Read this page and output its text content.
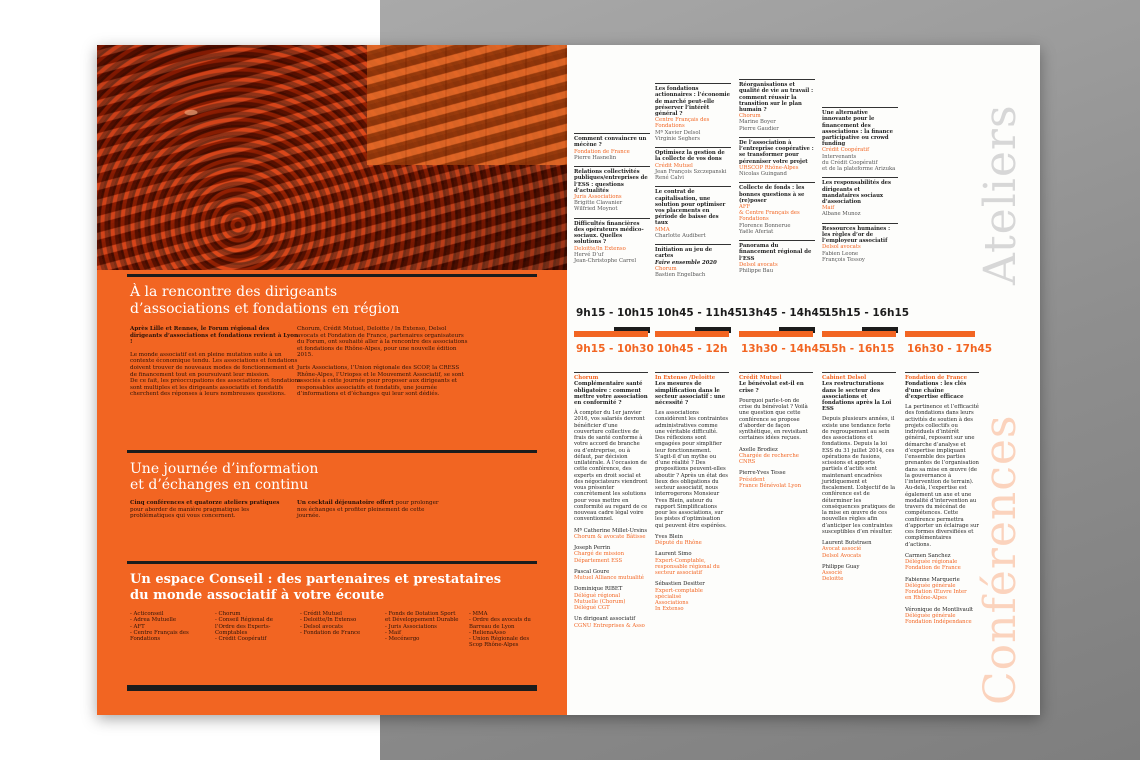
À la rencontre des dirigeants
d’associations et fondations en région
Après Lille et Rennes, le Forum régional des dirigeants d’associations et fondations revient à Lyon !
Le monde associatif est en pleine mutation suite à un contexte économique tendu. Les associations et fondations doivent trouver de nouveaux modes de fonctionnement et de financement tout en poursuivant leur mission.
De ce fait, les préoccupations des associations et fondations sont multiples et les dirigeants associatifs et fondatifs cherchent des réponses à leurs nombreuses questions.
Chorum, Crédit Mutuel, Deloitte / In Extenso, Delsol avocats et Fondation de France, partenaires organisateurs du Forum, ont souhaité aller à la rencontre des associations et fondations de Rhône-Alpes, pour une nouvelle édition 2015.
Juris Associations, l’Union régionale des SCOP, la CRESS Rhône-Alpes, l’Uriopss et le Mouvement Associatif, se sont associés à cette journée pour proposer aux dirigeants et responsables associatifs et fondatifs, une journée d’informations et d’échanges qui leur sont dédiés.
Une journée d’information
et d’échanges en continu
Cinq conférences et quatorze ateliers pratiques pour aborder de manière pragmatique les problématiques qui vous concernent.
Un cocktail déjeunatoire offert pour prolonger nos échanges et profiter pleinement de cette journée.
Un espace Conseil : des partenaires et prestataires
du monde associatif à votre écoute
- Acticonseil
- Adrea Mutuelle
- AFT
- Centre Français des
Fondations
- Chorum
- Conseil Régional de
l’Ordre des Experts-
Comptables
- Crédit Coopératif
- Crédit Mutuel
- Deloitte/In Extenso
- Delsol avocats
- Fondation de France
- Fonds de Dotation Sport
et Développement Durable
- Juris Associations
- Maif
- Mecénergo
- MMA
- Ordre des avocats du
Barreau de Lyon
- RelienaAsso
- Union Régionale des
Scop Rhône-Alpes
Ateliers
Conférences
Comment convaincre un mécène ?
Fondation de France
Pierre Hasnelin
Relations collectivités publiques/entreprises de l’ESS : questions d’actualités
Juris Associations
Brigitte Clavanier
Wilfried Moynot
Difficultés financières des opérateurs médico-sociaux. Quelles solutions ?
Deloitte/In Extenso
Hervé D’uf
Jean-Christophe Carrel
Les fondations actionnaires : l’économie de marché peut-elle préserver l’intérêt général ?
Centre Français des Fondations
Mª Xavier Delsol
Virginie Seghers
Optimisez la gestion de la collecte de vos dons
Crédit Mutuel
Jean François Szczepanski
René Calvi
Le contrat de capitalisation, une solution pour optimiser vos placements en période de baisse des taux
MMA
Charlotte Audibert
Initiation au jeu de cartes
Faire ensemble 2020
Chorum
Bastien Engelbach
Réorganisations et qualité de vie au travail : comment réussir la transition sur le plan humain ?
Chorum
Marine Boyer
Pierre Gaudier
De l’association à l’entreprise coopérative : se transformer pour pérenniser votre projet
URSCOP Rhône-Alpes
Nicolas Guingand
Collecte de fonds : les bonnes questions à se (re)poser
AFF
& Centre Français des Fondations
Florence Bonnerue
Yaële Aferiat
Panorama du financement régional de l’ESS
Delsol avocats
Philippe Bau
Une alternative innovante pour le financement des associations : la finance participative ou crowd funding
Crédit Coopératif
Intervenants
du Crédit Coopératif
et de la plateforme Arizuka
Les responsabilités des dirigeants et mandataires sociaux d’association
Maif
Albane Munoz
Ressources humaines : les règles d’or de l’employeur associatif
Delsol avocats
Fabien Leone
François Tessoy
9h15 - 10h15 10h45 - 11h45
13h45 - 14h45
15h15 - 16h15
9h15 - 10h30 10h45 - 12h 13h30 - 14h45
15h - 16h15 16h30 - 17h45
Chorum
Complémentaire santé obligatoire : comment mettre votre association en conformité ?
À compter du 1er janvier 2016, vos salariés devront bénéficier d’une couverture collective de frais de santé conforme à votre accord de branche ou d’entreprise, ou à défaut, par décision unilatérale. À l’occasion de cette conférence, des experts en droit social et des négociateurs viendront vous présenter concrètement les solutions pour vous mettre en conformité au regard de ce nouveau cadre légal voire conventionnel.
Mª Catherine Millet-Ursins
Chorum & avocate Bâtisse
Joseph Perrin
Chargé de mission
Département ESS
Pascal Goure
Mutuel Alliance mutualité
Dominique RIBET
Délégué régional
Mutuelle (Chorum)
Délégué CGT
Un dirigeant associatif
CGNU Entreprises & Asso
In Extenso /Deloitte
Les mesures de simplification dans le secteur associatif : une nécessité ?
Les associations considèrent les contraintes administratives comme une véritable difficulté. Des réflexions sont engagées pour simplifier leur fonctionnement. S’agit-il d’un mythe ou d’une réalité ? Des propositions peuvent-elles aboutir ? Après un état des lieux des obligations du secteur associatif, nous interrogerons Monsieur Yves Blein, auteur du rapport Simplifications pour les associations, sur les pistes d’optimisation qui peuvent être espérées.
Yves Blein
Député du Rhône
Laurent Simo
Expert-Comptable,
responsable régional du
secteur associatif
Sébastien Desitter
Expert-comptable spécialisé
Associations
In Extenso
Crédit Mutuel
Le bénévolat est-il en crise ?
Pourquoi parle-t-on de crise du bénévolat ? Voilà une question que cette conférence se propose d’aborder de façon synthétique, en revisitant certaines idées reçues.
Axelle Brodiez
Chargée de recherche
CNRS
Pierre-Yves Tesse
Président
France Bénévolat Lyon
Cabinet Delsol
Les restructurations dans le secteur des associations et fondations après la Loi ESS
Depuis plusieurs années, il existe une tendance forte de regroupement au sein des associations et fondations. Depuis la loi ESS du 31 juillet 2014, ces opérations de fusions, scissions et apports partiels d’actifs sont maintenant encadrées juridiquement et fiscalement. L’objectif de la conférence est de déterminer les conséquences pratiques de la mise en œuvre de ces nouvelles règles afin d’anticiper les contraintes susceptibles d’en résulter.
Laurent Butstraen
Avocat associé
Delsol Avocats
Philippe Guay
Associé
Deloitte
Fondation de France
Fondations : les clés d’une chaîne d’expertise efficace
La pertinence et l’efficacité des fondations dans leurs activités de soutien à des projets collectifs ou individuels d’intérêt général, reposent sur une démarche d’analyse et d’expertise impliquant l’ensemble des parties prenantes de l’organisation dans sa mise en œuvre (de la gouvernance à l’intervention de terrain). Au-delà, l’expertise est également un axe et une modalité d’intervention au travers du mécénat de compétences. Cette conférence permettra d’apporter un éclairage sur ces formes diversifiées et complémentaires d’actions.
Carmen Sanchez
Déléguée régionale
Fondation de France
Fabienne Marquerie
Déléguée générale
Fondation Œuvre Inter
en Rhône-Alpes
Véronique de Montlivault
Déléguée générale
Fondation Indépendance
